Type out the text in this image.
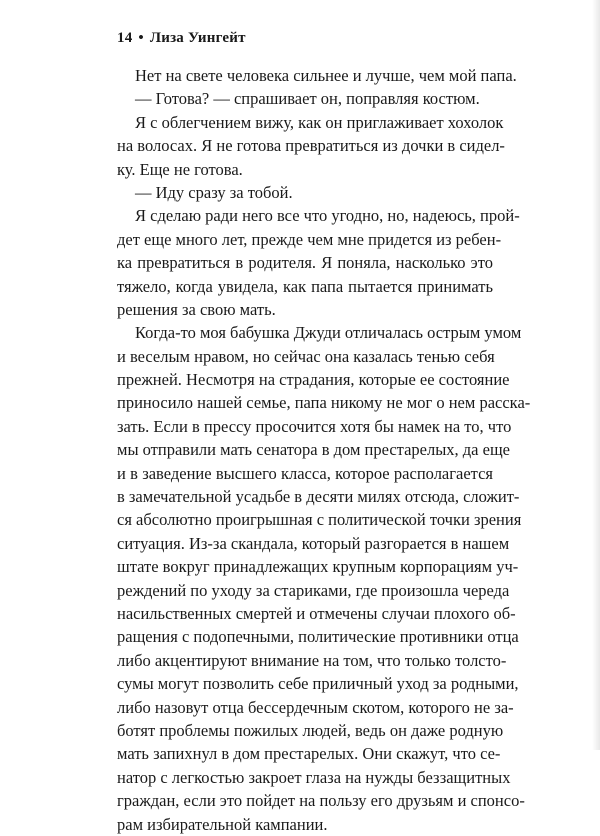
14 • Лиза Уингейт
Нет на свете человека сильнее и лучше, чем мой папа.
— Готова? — спрашивает он, поправляя костюм.
Я с облегчением вижу, как он приглаживает хохолок
на волосах. Я не готова превратиться из дочки в сидел-
ку. Еще не готова.
— Иду сразу за тобой.
Я сделаю ради него все что угодно, но, надеюсь, прой-
дет еще много лет, прежде чем мне придется из ребен-
ка превратиться в родителя. Я поняла, насколько это
тяжело, когда увидела, как папа пытается принимать
решения за свою мать.
Когда-то моя бабушка Джуди отличалась острым умом
и веселым нравом, но сейчас она казалась тенью себя
прежней. Несмотря на страдания, которые ее состояние
приносило нашей семье, папа никому не мог о нем расска-
зать. Если в прессу просочится хотя бы намек на то, что
мы отправили мать сенатора в дом престарелых, да еще
и в заведение высшего класса, которое располагается
в замечательной усадьбе в десяти милях отсюда, сложит-
ся абсолютно проигрышная с политической точки зрения
ситуация. Из-за скандала, который разгорается в нашем
штате вокруг принадлежащих крупным корпорациям уч-
реждений по уходу за стариками, где произошла череда
насильственных смертей и отмечены случаи плохого об-
ращения с подопечными, политические противники отца
либо акцентируют внимание на том, что только толсто-
сумы могут позволить себе приличный уход за родными,
либо назовут отца бессердечным скотом, которого не за-
ботят проблемы пожилых людей, ведь он даже родную
мать запихнул в дом престарелых. Они скажут, что се-
натор с легкостью закроет глаза на нужды беззащитных
граждан, если это пойдет на пользу его друзьям и спонсо-
рам избирательной кампании.
